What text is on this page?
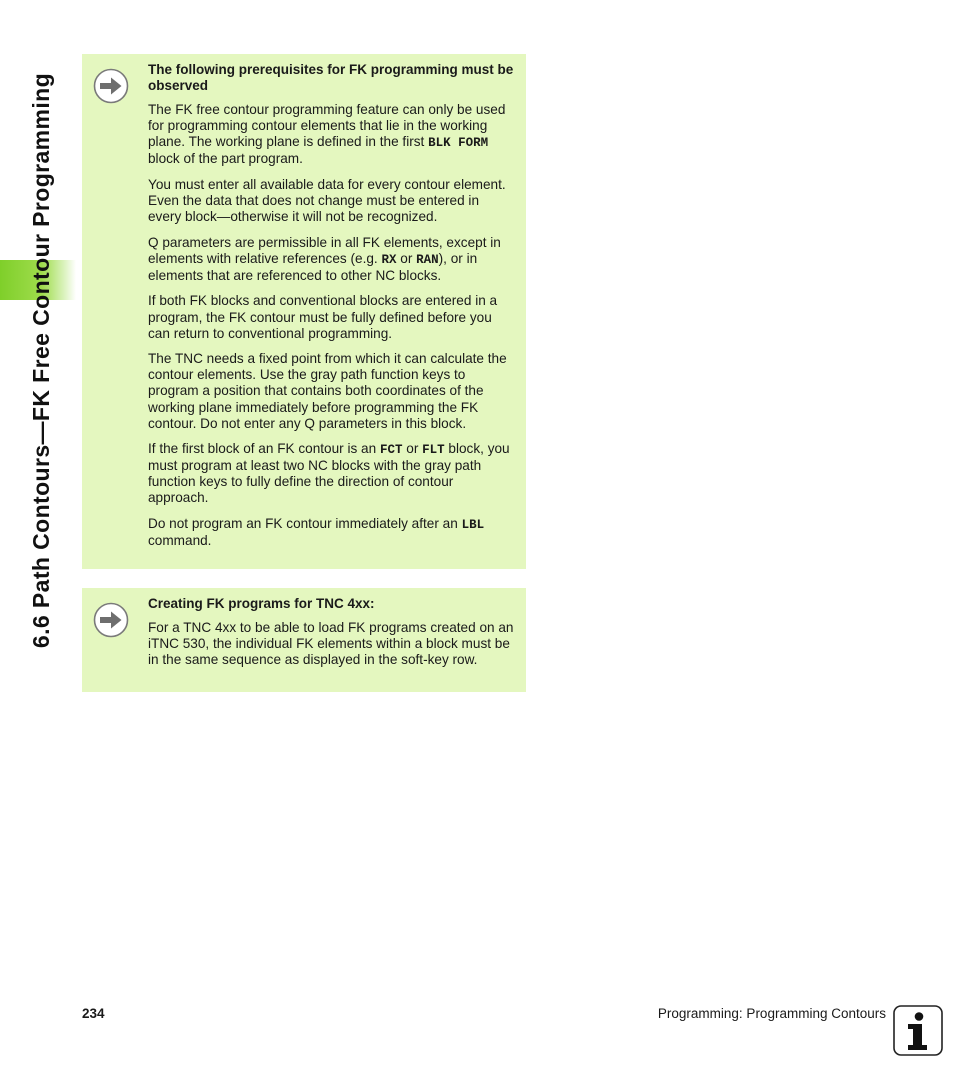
6.6 Path Contours—FK Free Contour Programming
The following prerequisites for FK programming must be observed

The FK free contour programming feature can only be used for programming contour elements that lie in the working plane. The working plane is defined in the first BLK FORM block of the part program.

You must enter all available data for every contour element. Even the data that does not change must be entered in every block—otherwise it will not be recognized.

Q parameters are permissible in all FK elements, except in elements with relative references (e.g. RX or RAN), or in elements that are referenced to other NC blocks.

If both FK blocks and conventional blocks are entered in a program, the FK contour must be fully defined before you can return to conventional programming.

The TNC needs a fixed point from which it can calculate the contour elements. Use the gray path function keys to program a position that contains both coordinates of the working plane immediately before programming the FK contour. Do not enter any Q parameters in this block.

If the first block of an FK contour is an FCT or FLT block, you must program at least two NC blocks with the gray path function keys to fully define the direction of contour approach.

Do not program an FK contour immediately after an LBL command.

Creating FK programs for TNC 4xx:

For a TNC 4xx to be able to load FK programs created on an iTNC 530, the individual FK elements within a block must be in the same sequence as displayed in the soft-key row.

234	Programming: Programming Contours
